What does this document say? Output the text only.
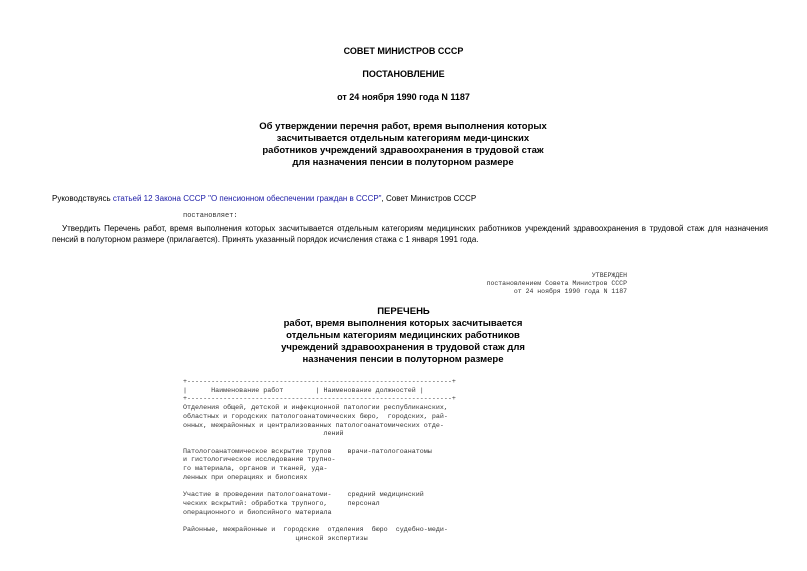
СОВЕТ МИНИСТРОВ СССР
ПОСТАНОВЛЕНИЕ
от 24 ноября 1990 года N 1187
Об утверждении перечня работ, время выполнения которых засчитывается отдельным категориям меди-цинских работников учреждений здравоохранения в трудовой стаж для назначения пенсии в полуторном размере
Руководствуясь статьей 12 Закона СССР "О пенсионном обеспечении граждан в СССР", Совет Министров СССР
постановляет:
Утвердить Перечень работ, время выполнения которых засчитывается отдельным категориям медицинских работников учреждений здравоохранения в трудовой стаж для назначения пенсий в полуторном размере (прилагается). Принять указанный порядок исчисления стажа с 1 января 1991 года.
УТВЕРЖДЕН
постановлением Совета Министров СССР
от 24 ноября 1990 года N 1187
ПЕРЕЧЕНЬ
работ, время выполнения которых засчитывается отдельным категориям медицинских работников учреждений здравоохранения в трудовой стаж для назначения пенсии в полуторном размере
+------------------------------------------------------------------+
|      Наименование работ        | Наименование должностей |
+------------------------------------------------------------------+
Отделения общей, детской и инфекционной патологии республиканских,
областных и городских патологоанатомических бюро,  городских, рай-
онных, межрайонных и централизованных патологоанатомических отде-
лений

Патологоанатомическое вскрытие трупов    врачи-патологоанатомы
и гистологическое исследование трупно-
го материала, органов и тканей, уда-
ленных при операциях и биопсиях

Участие в проведении патологоанатоми-    средний медицинский
ческих вскрытий: обработка трупного,     персонал
операционного и биопсийного материала

Районные, межрайонные и  городские  отделения  бюро  судебно-меди-
цинской экспертизы
